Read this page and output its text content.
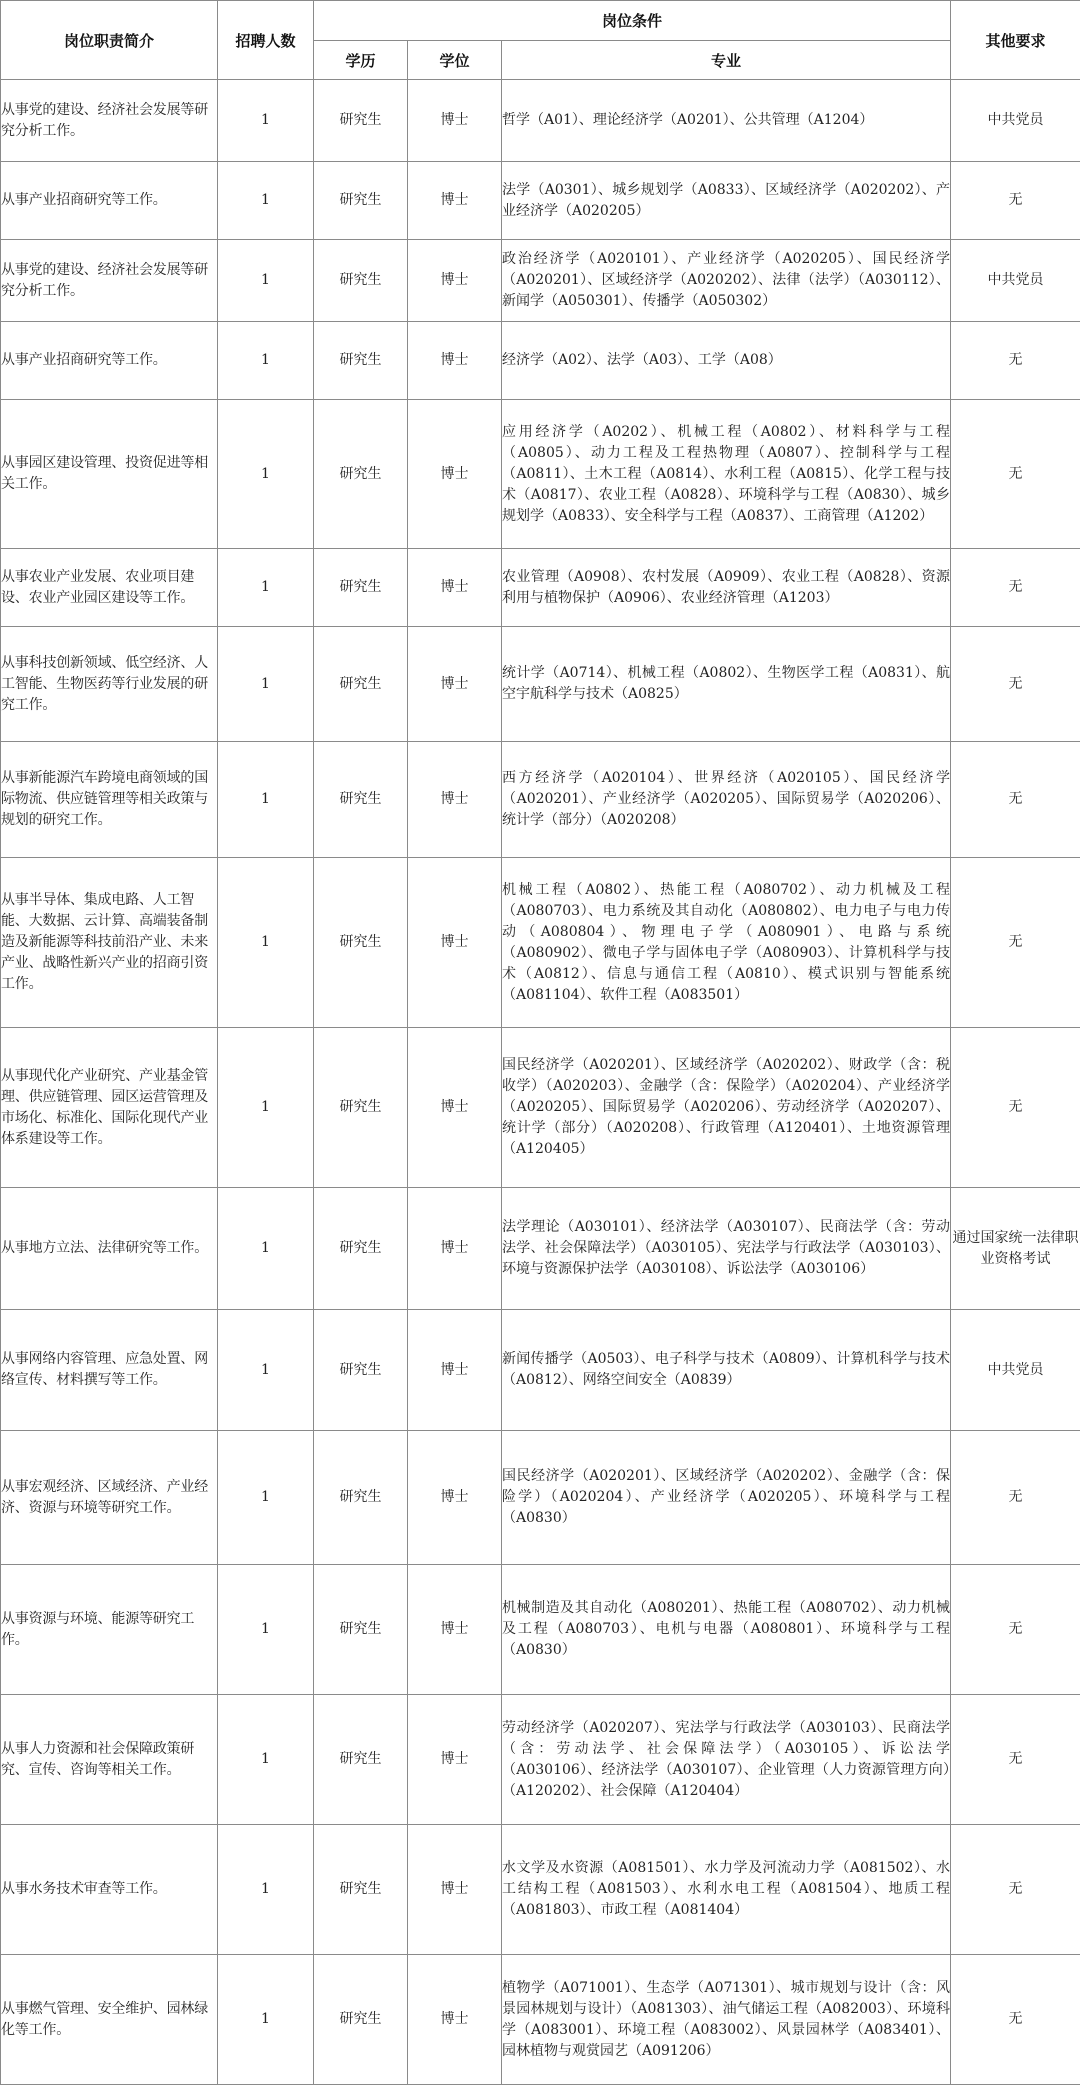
岗位职责简介	招聘人数	岗位条件			其他要求
		学历	学位	专业	
从事党的建设、经济社会发展等研究分析工作。	1	研究生	博士	哲学（A01）、理论经济学（A0201）、公共管理（A1204）	中共党员
从事产业招商研究等工作。	1	研究生	博士	法学（A0301）、城乡规划学（A0833）、区域经济学（A020202）、产业经济学（A020205）	无
从事党的建设、经济社会发展等研究分析工作。	1	研究生	博士	政治经济学（A020101）、产业经济学（A020205）、国民经济学（A020201）、区域经济学（A020202）、法律（法学）（A030112）、新闻学（A050301）、传播学（A050302）	中共党员
从事产业招商研究等工作。	1	研究生	博士	经济学（A02）、法学（A03）、工学（A08）	无
从事园区建设管理、投资促进等相关工作。	1	研究生	博士	应用经济学（A0202）、机械工程（A0802）、材料科学与工程（A0805）、动力工程及工程热物理（A0807）、控制科学与工程（A0811）、土木工程（A0814）、水利工程（A0815）、化学工程与技术（A0817）、农业工程（A0828）、环境科学与工程（A0830）、城乡规划学（A0833）、安全科学与工程（A0837）、工商管理（A1202）	无
从事农业产业发展、农业项目建设、农业产业园区建设等工作。	1	研究生	博士	农业管理（A0908）、农村发展（A0909）、农业工程（A0828）、资源利用与植物保护（A0906）、农业经济管理（A1203）	无
从事科技创新领域、低空经济、人工智能、生物医药等行业发展的研究工作。	1	研究生	博士	统计学（A0714）、机械工程（A0802）、生物医学工程（A0831）、航空宇航科学与技术（A0825）	无
从事新能源汽车跨境电商领域的国际物流、供应链管理等相关政策与规划的研究工作。	1	研究生	博士	西方经济学（A020104）、世界经济（A020105）、国民经济学（A020201）、产业经济学（A020205）、国际贸易学（A020206）、统计学（部分）（A020208）	无
从事半导体、集成电路、人工智能、大数据、云计算、高端装备制造及新能源等科技前沿产业、未来产业、战略性新兴产业的招商引资工作。	1	研究生	博士	机械工程（A0802）、热能工程（A080702）、动力机械及工程（A080703）、电力系统及其自动化（A080802）、电力电子与电力传动（A080804）、物理电子学（A080901）、电路与系统（A080902）、微电子学与固体电子学（A080903）、计算机科学与技术（A0812）、信息与通信工程（A0810）、模式识别与智能系统（A081104）、软件工程（A083501）	无
从事现代化产业研究、产业基金管理、供应链管理、园区运营管理及市场化、标准化、国际化现代产业体系建设等工作。	1	研究生	博士	国民经济学（A020201）、区域经济学（A020202）、财政学（含：税收学）（A020203）、金融学（含：保险学）（A020204）、产业经济学（A020205）、国际贸易学（A020206）、劳动经济学（A020207）、统计学（部分）（A020208）、行政管理（A120401）、土地资源管理（A120405）	无
从事地方立法、法律研究等工作。	1	研究生	博士	法学理论（A030101）、经济法学（A030107）、民商法学（含：劳动法学、社会保障法学）（A030105）、宪法学与行政法学（A030103）、环境与资源保护法学（A030108）、诉讼法学（A030106）	通过国家统一法律职业资格考试
从事网络内容管理、应急处置、网络宣传、材料撰写等工作。	1	研究生	博士	新闻传播学（A0503）、电子科学与技术（A0809）、计算机科学与技术（A0812）、网络空间安全（A0839）	中共党员
从事宏观经济、区域经济、产业经济、资源与环境等研究工作。	1	研究生	博士	国民经济学（A020201）、区域经济学（A020202）、金融学（含：保险学）（A020204）、产业经济学（A020205）、环境科学与工程（A0830）	无
从事资源与环境、能源等研究工作。	1	研究生	博士	机械制造及其自动化（A080201）、热能工程（A080702）、动力机械及工程（A080703）、电机与电器（A080801）、环境科学与工程（A0830）	无
从事人力资源和社会保障政策研究、宣传、咨询等相关工作。	1	研究生	博士	劳动经济学（A020207）、宪法学与行政法学（A030103）、民商法学（含：劳动法学、社会保障法学）（A030105）、诉讼法学（A030106）、经济法学（A030107）、企业管理（人力资源管理方向）（A120202）、社会保障（A120404）	无
从事水务技术审查等工作。	1	研究生	博士	水文学及水资源（A081501）、水力学及河流动力学（A081502）、水工结构工程（A081503）、水利水电工程（A081504）、地质工程（A081803）、市政工程（A081404）	无
从事燃气管理、安全维护、园林绿化等工作。	1	研究生	博士	植物学（A071001）、生态学（A071301）、城市规划与设计（含：风景园林规划与设计）（A081303）、油气储运工程（A082003）、环境科学（A083001）、环境工程（A083002）、风景园林学（A083401）、园林植物与观赏园艺（A091206）	无
